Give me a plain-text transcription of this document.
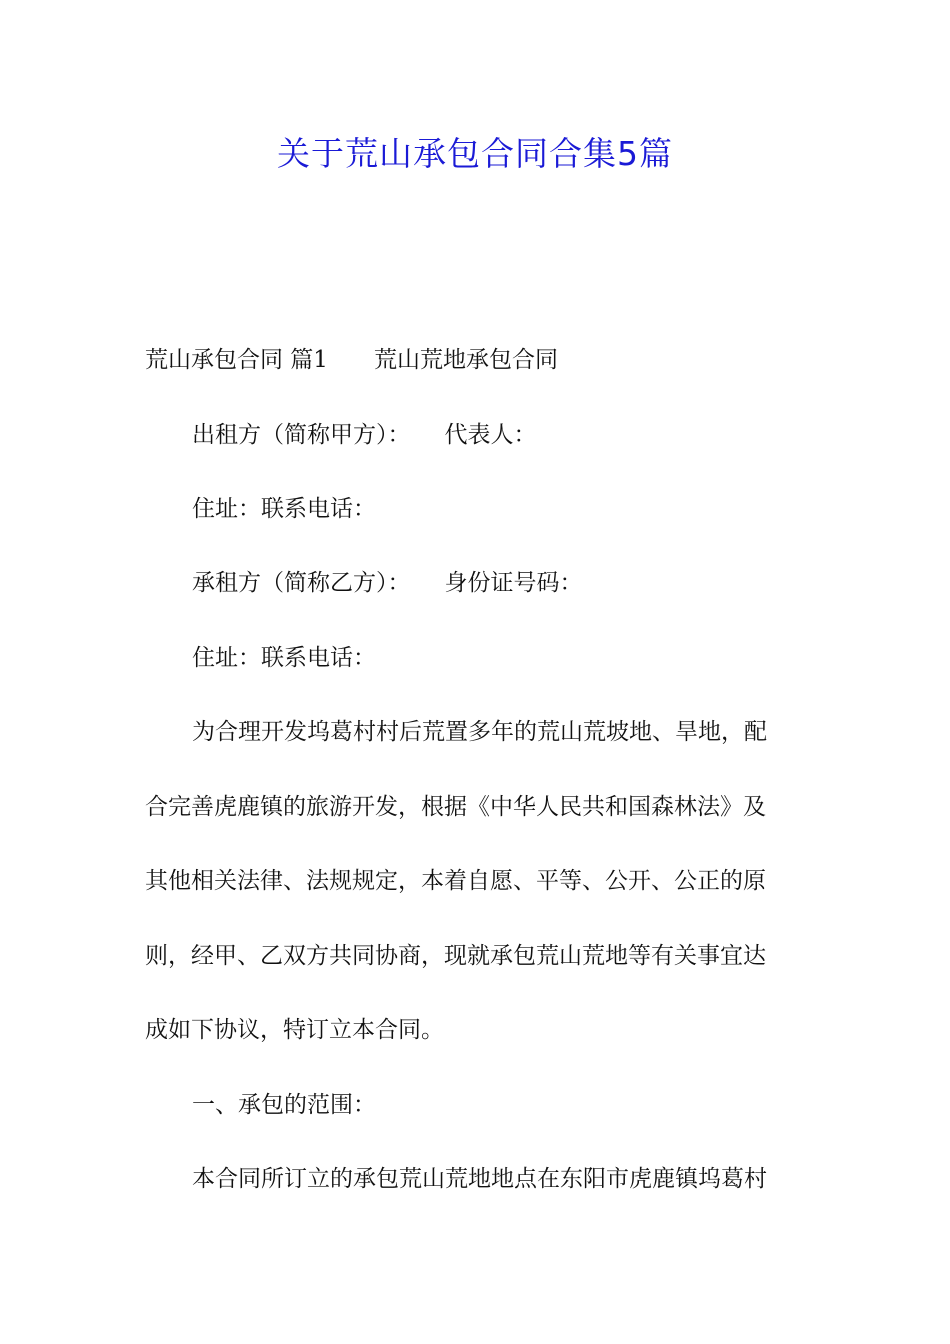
关于荒山承包合同合集5篇
荒山承包合同 篇1 荒山荒地承包合同
出租方（简称甲方）： 代表人：
住址：联系电话：
承租方（简称乙方）： 身份证号码：
住址：联系电话：
为合理开发坞葛村村后荒置多年的荒山荒坡地、旱地，配
合完善虎鹿镇的旅游开发，根据《中华人民共和国森林法》及
其他相关法律、法规规定，本着自愿、平等、公开、公正的原
则，经甲、乙双方共同协商，现就承包荒山荒地等有关事宜达
成如下协议，特订立本合同。
一、承包的范围：
本合同所订立的承包荒山荒地地点在东阳市虎鹿镇坞葛村
